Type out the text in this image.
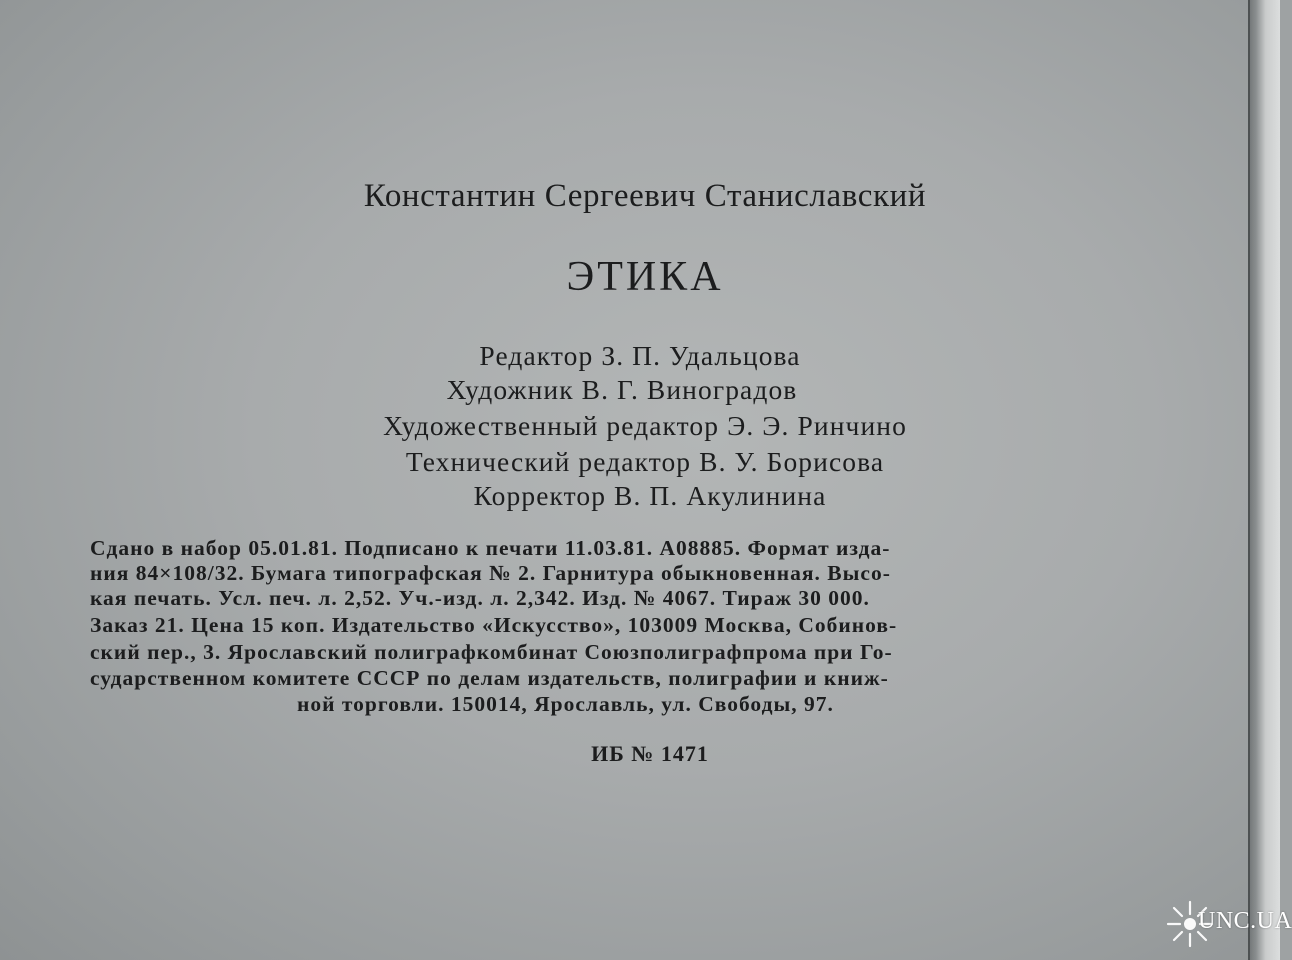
Константин Сергеевич Станиславский
ЭТИКА
Редактор З. П. Удальцова
Художник В. Г. Виноградов
Художественный редактор Э. Э. Ринчино
Технический редактор В. У. Борисова
Корректор В. П. Акулинина
Сдано в набор 05.01.81. Подписано к печати 11.03.81. А08885. Формат изда-
ния 84×108/32. Бумага типографская № 2. Гарнитура обыкновенная. Высо-
кая печать. Усл. печ. л. 2,52. Уч.-изд. л. 2,342. Изд. № 4067. Тираж 30 000.
Заказ 21. Цена 15 коп. Издательство «Искусство», 103009 Москва, Собинов-
ский пер., 3. Ярославский полиграфкомбинат Союзполиграфпрома при Го-
сударственном комитете СССР по делам издательств, полиграфии и книж-
ной торговли. 150014, Ярославль, ул. Свободы, 97.
ИБ № 1471
UNC.UA
